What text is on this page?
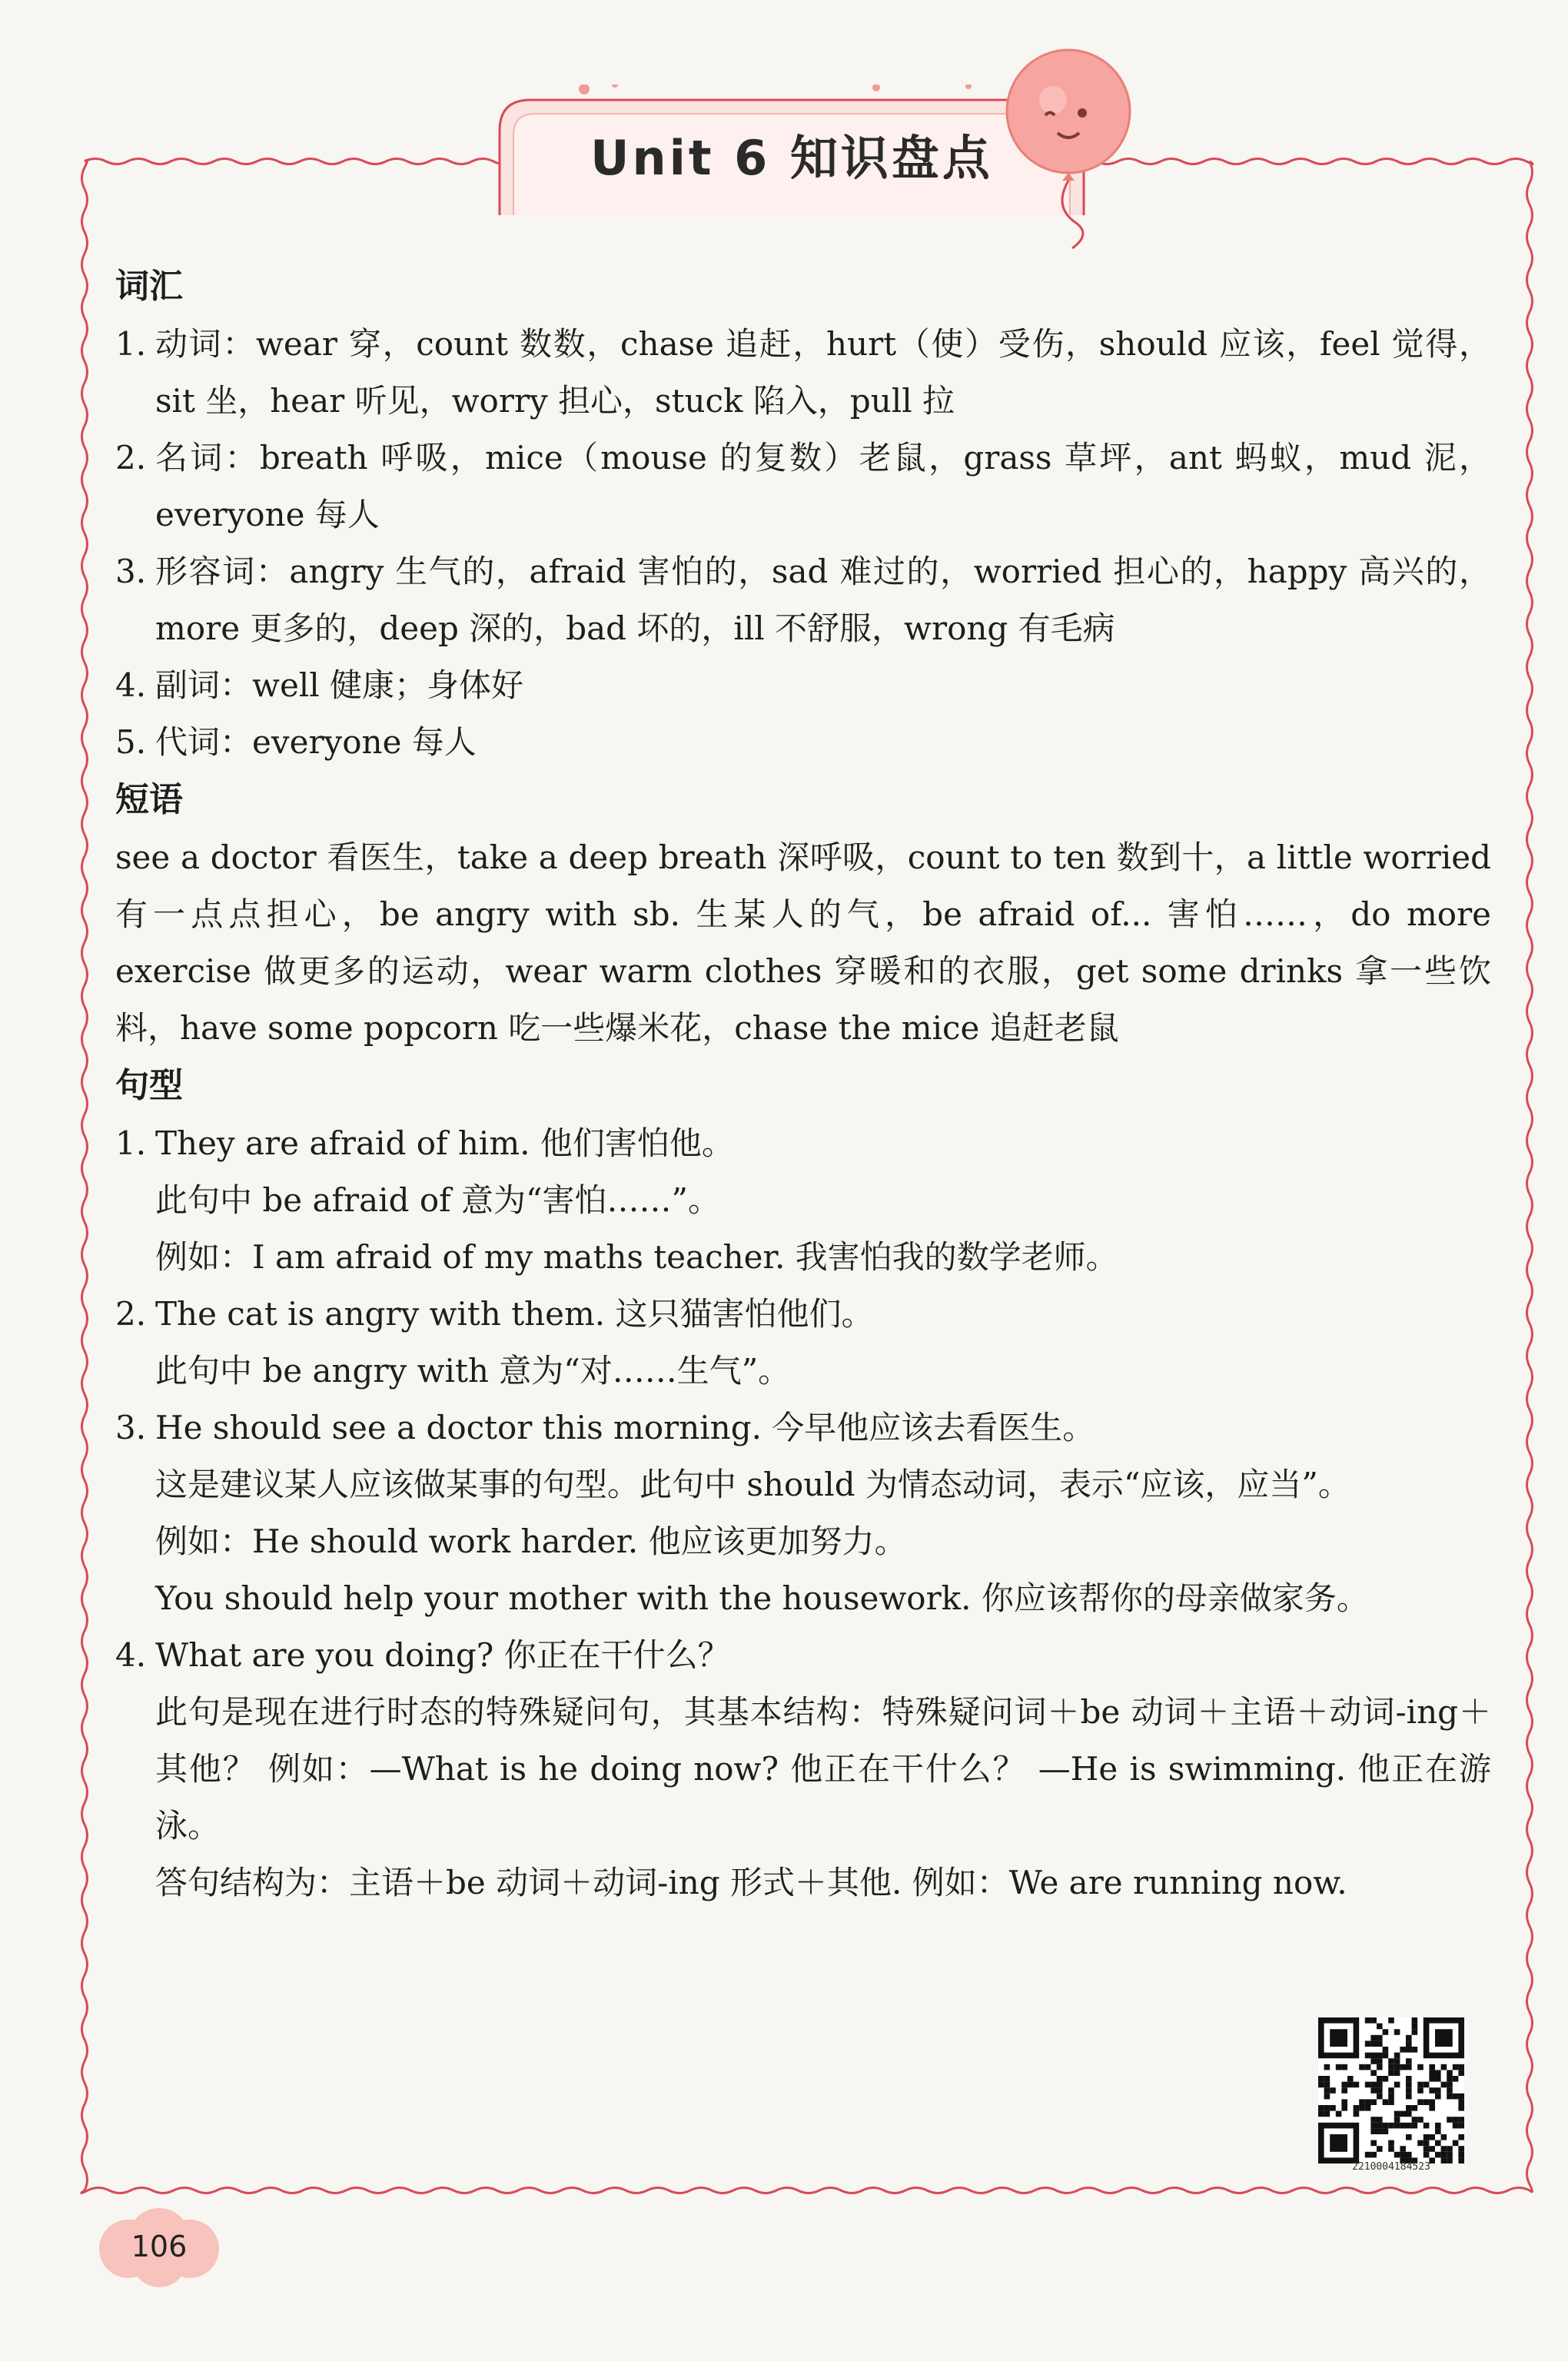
Unit 6 知识盘点

词汇

1. 动词：wear 穿，count 数数，chase 追赶，hurt（使）受伤，should 应该，feel 觉得，sit 坐，hear 听见，worry 担心，stuck 陷入，pull 拉
2. 名词：breath 呼吸，mice（mouse 的复数）老鼠，grass 草坪，ant 蚂蚁，mud 泥，everyone 每人
3. 形容词：angry 生气的，afraid 害怕的，sad 难过的，worried 担心的，happy 高兴的，more 更多的，deep 深的，bad 坏的，ill 不舒服，wrong 有毛病
4. 副词：well 健康；身体好
5. 代词：everyone 每人

短语

see a doctor 看医生，take a deep breath 深呼吸，count to ten 数到十，a little worried 有一点点担心，be angry with sb. 生某人的气，be afraid of... 害怕……，do more exercise 做更多的运动，wear warm clothes 穿暖和的衣服，get some drinks 拿一些饮料，have some popcorn 吃一些爆米花，chase the mice 追赶老鼠

句型

1. They are afraid of him. 他们害怕他。

此句中 be afraid of 意为“害怕……”。

例如：I am afraid of my maths teacher. 我害怕我的数学老师。

2. The cat is angry with them. 这只猫害怕他们。

此句中 be angry with 意为“对……生气”。

3. He should see a doctor this morning. 今早他应该去看医生。

这是建议某人应该做某事的句型。此句中 should 为情态动词，表示“应该，应当”。

例如：He should work harder. 他应该更加努力。

You should help your mother with the housework. 你应该帮你的母亲做家务。

4. What are you doing? 你正在干什么？

此句是现在进行时态的特殊疑问句，其基本结构：特殊疑问词＋be 动词＋主语＋动词-ing＋其他？ 例如：—What is he doing now? 他正在干什么？ —He is swimming. 他正在游泳。

答句结构为：主语＋be 动词＋动词-ing 形式＋其他. 例如：We are running now.

2210004184523
106
